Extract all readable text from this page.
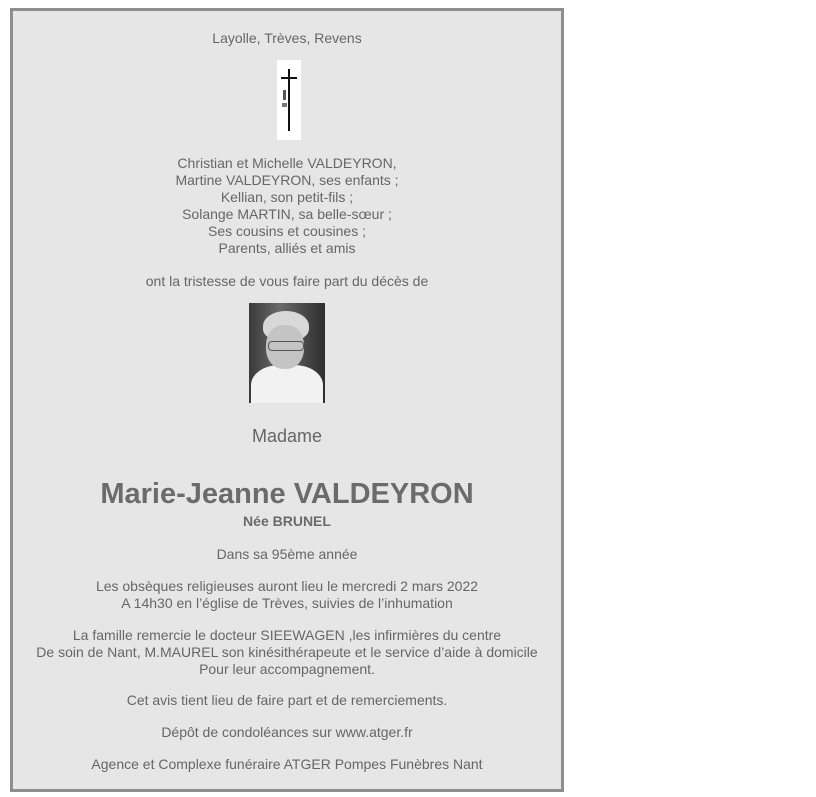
Layolle, Trèves, Revens
Christian et Michelle VALDEYRON,
Martine VALDEYRON, ses enfants ;
Kellian, son petit-fils ;
Solange MARTIN, sa belle-sœur ;
Ses cousins et cousines ;
Parents, alliés et amis
ont la tristesse de vous faire part du décès de
Madame
Marie-Jeanne VALDEYRON
Née BRUNEL
Dans sa 95ème année
Les obsèques religieuses auront lieu le mercredi 2 mars 2022
A 14h30 en l’église de Trèves, suivies de l’inhumation
La famille remercie le docteur SIEEWAGEN ,les infirmières du centre
De soin de Nant, M.MAUREL son kinésithérapeute et le service d’aide à domicile
Pour leur accompagnement.
Cet avis tient lieu de faire part et de remerciements.
Dépôt de condoléances sur www.atger.fr
Agence et Complexe funéraire ATGER Pompes Funèbres Nant
